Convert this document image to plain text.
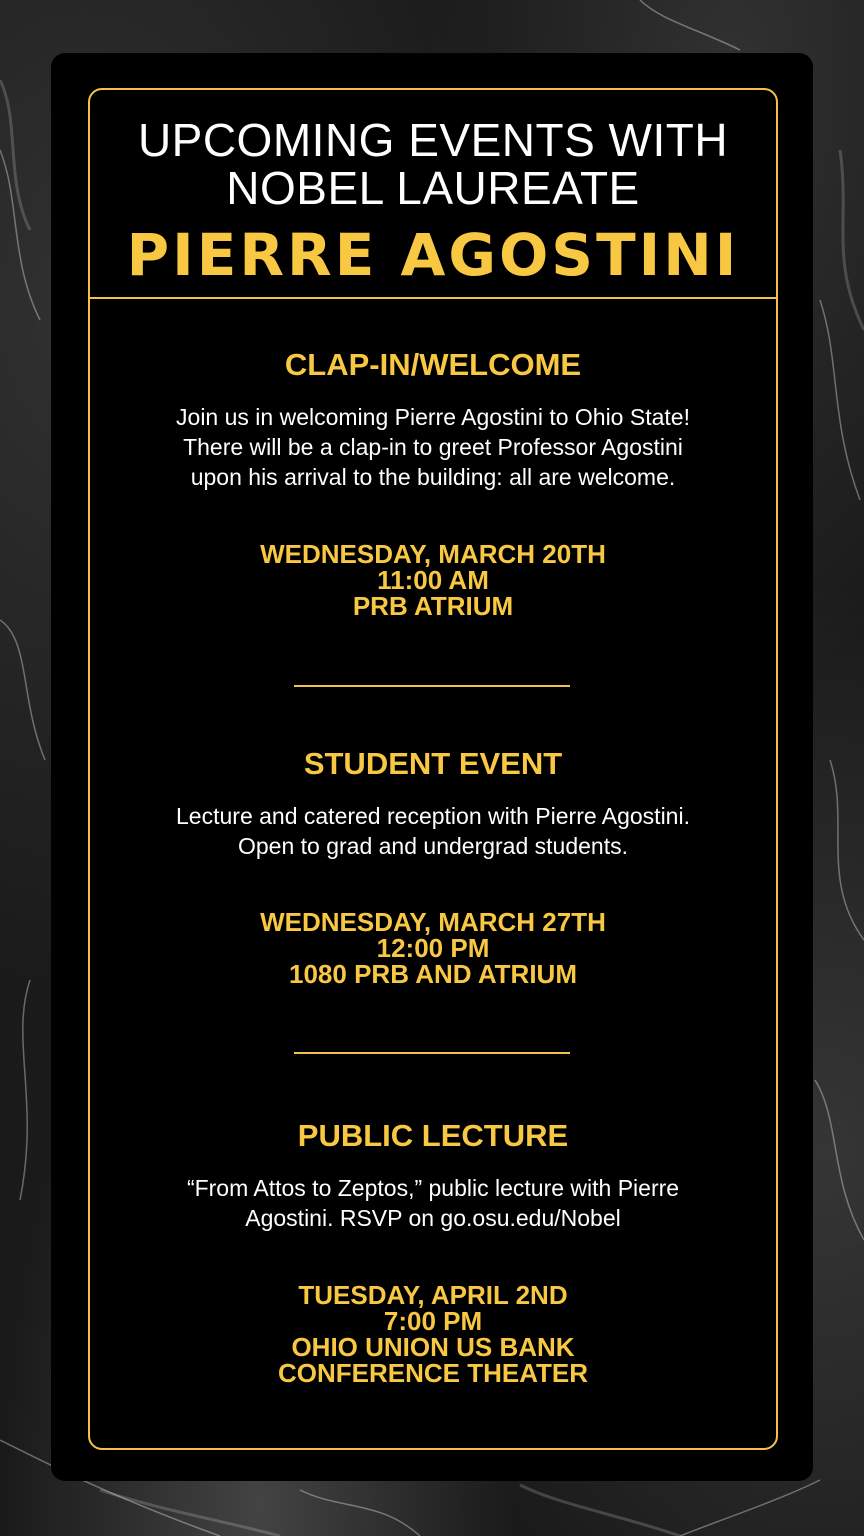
UPCOMING EVENTS WITH
NOBEL LAUREATE
PIERRE AGOSTINI
CLAP-IN/WELCOME
Join us in welcoming Pierre Agostini to Ohio State!
There will be a clap-in to greet Professor Agostini
upon his arrival to the building: all are welcome.
WEDNESDAY, MARCH 20TH
11:00 AM
PRB ATRIUM
STUDENT EVENT
Lecture and catered reception with Pierre Agostini.
Open to grad and undergrad students.
WEDNESDAY, MARCH 27TH
12:00 PM
1080 PRB AND ATRIUM
PUBLIC LECTURE
“From Attos to Zeptos,” public lecture with Pierre
Agostini. RSVP on go.osu.edu/Nobel
TUESDAY, APRIL 2ND
7:00 PM
OHIO UNION US BANK
CONFERENCE THEATER
